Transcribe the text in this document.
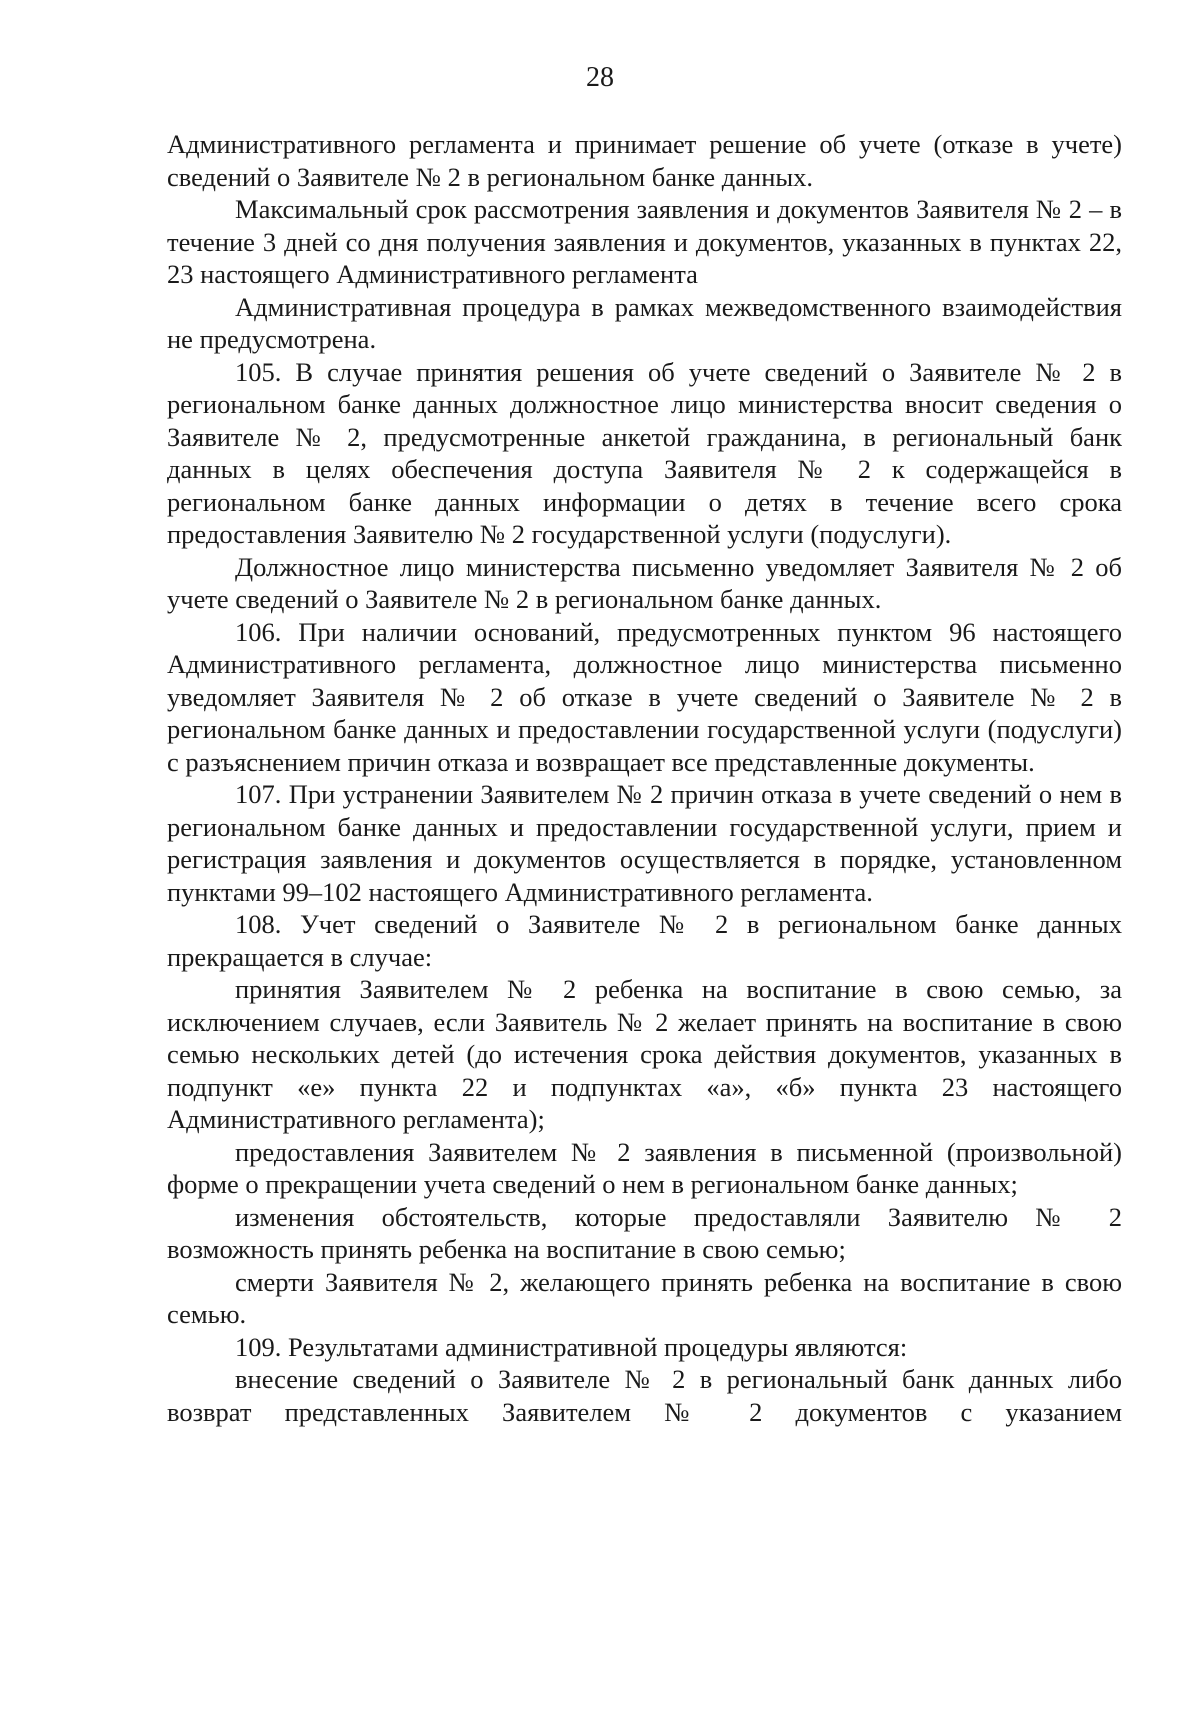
28

Административного регламента и принимает решение об учете (отказе в учете) сведений о Заявителе № 2 в региональном банке данных.

Максимальный срок рассмотрения заявления и документов Заявителя № 2 – в течение 3 дней со дня получения заявления и документов, указанных в пунктах 22, 23 настоящего Административного регламента

Административная процедура в рамках межведомственного взаимодействия не предусмотрена.

105. В случае принятия решения об учете сведений о Заявителе № 2 в региональном банке данных должностное лицо министерства вносит сведения о Заявителе № 2, предусмотренные анкетой гражданина, в региональный банк данных в целях обеспечения доступа Заявителя № 2 к содержащейся в региональном банке данных информации о детях в течение всего срока предоставления Заявителю № 2 государственной услуги (подуслуги).

Должностное лицо министерства письменно уведомляет Заявителя № 2 об учете сведений о Заявителе № 2 в региональном банке данных.

106. При наличии оснований, предусмотренных пунктом 96 настоящего Административного регламента, должностное лицо министерства письменно уведомляет Заявителя № 2 об отказе в учете сведений о Заявителе № 2 в региональном банке данных и предоставлении государственной услуги (подуслуги) с разъяснением причин отказа и возвращает все представленные документы.

107. При устранении Заявителем № 2 причин отказа в учете сведений о нем в региональном банке данных и предоставлении государственной услуги, прием и регистрация заявления и документов осуществляется в порядке, установленном пунктами 99–102 настоящего Административного регламента.

108. Учет сведений о Заявителе № 2 в региональном банке данных прекращается в случае:

принятия Заявителем № 2 ребенка на воспитание в свою семью, за исключением случаев, если Заявитель № 2 желает принять на воспитание в свою семью нескольких детей (до истечения срока действия документов, указанных в подпункт «е» пункта 22 и подпунктах «а», «б» пункта 23 настоящего Административного регламента);

предоставления Заявителем № 2 заявления в письменной (произвольной) форме о прекращении учета сведений о нем в региональном банке данных;

изменения обстоятельств, которые предоставляли Заявителю № 2 возможность принять ребенка на воспитание в свою семью;

смерти Заявителя № 2, желающего принять ребенка на воспитание в свою семью.

109. Результатами административной процедуры являются:

внесение сведений о Заявителе № 2 в региональный банк данных либо возврат представленных Заявителем № 2 документов с указанием
